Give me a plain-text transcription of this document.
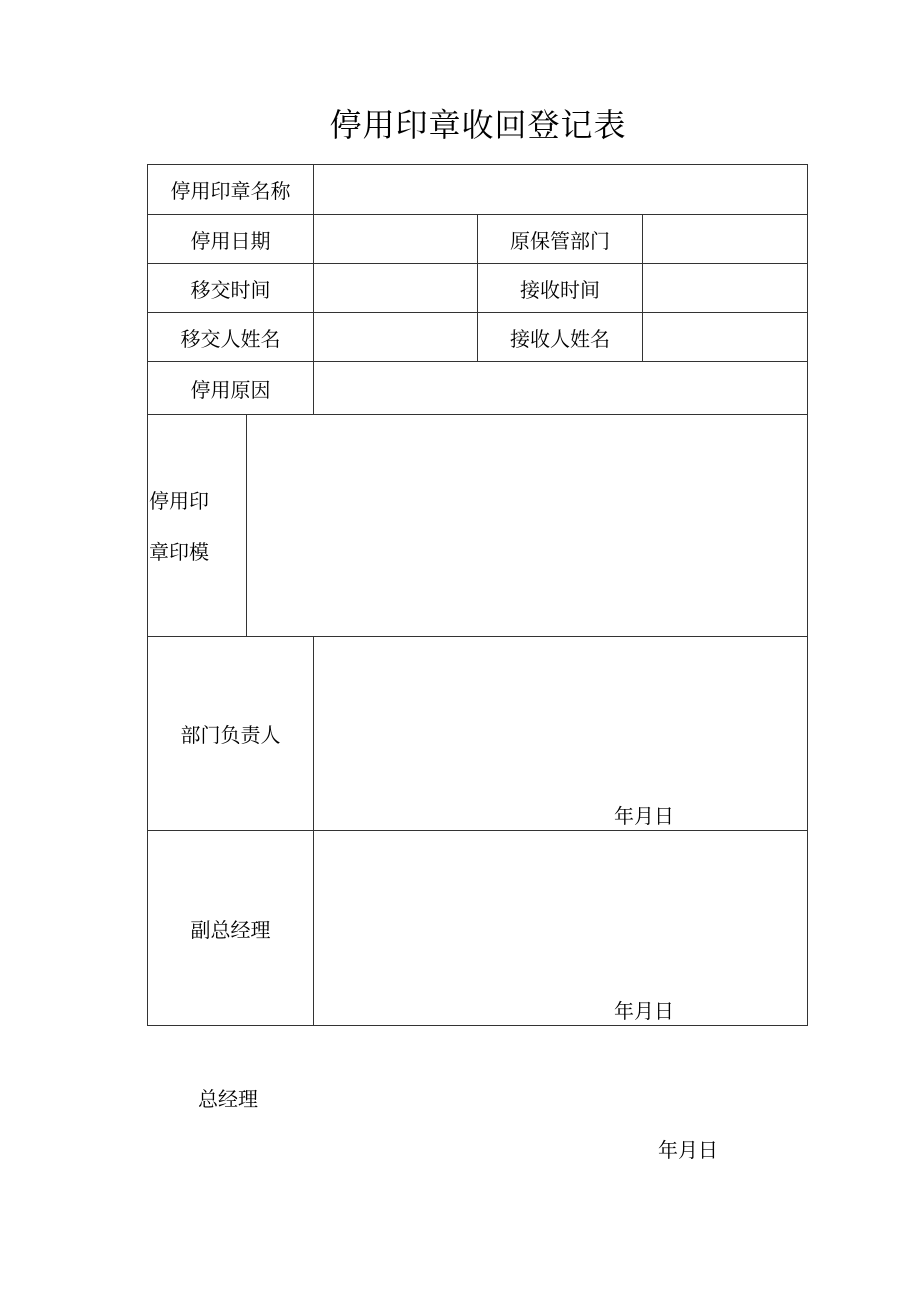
停用印章收回登记表
停用印章名称
停用日期	原保管部门
移交时间	接收时间
移交人姓名	接收人姓名
停用原因
停用印
章印模
部门负责人
年月日
副总经理
年月日
总经理
年月日
